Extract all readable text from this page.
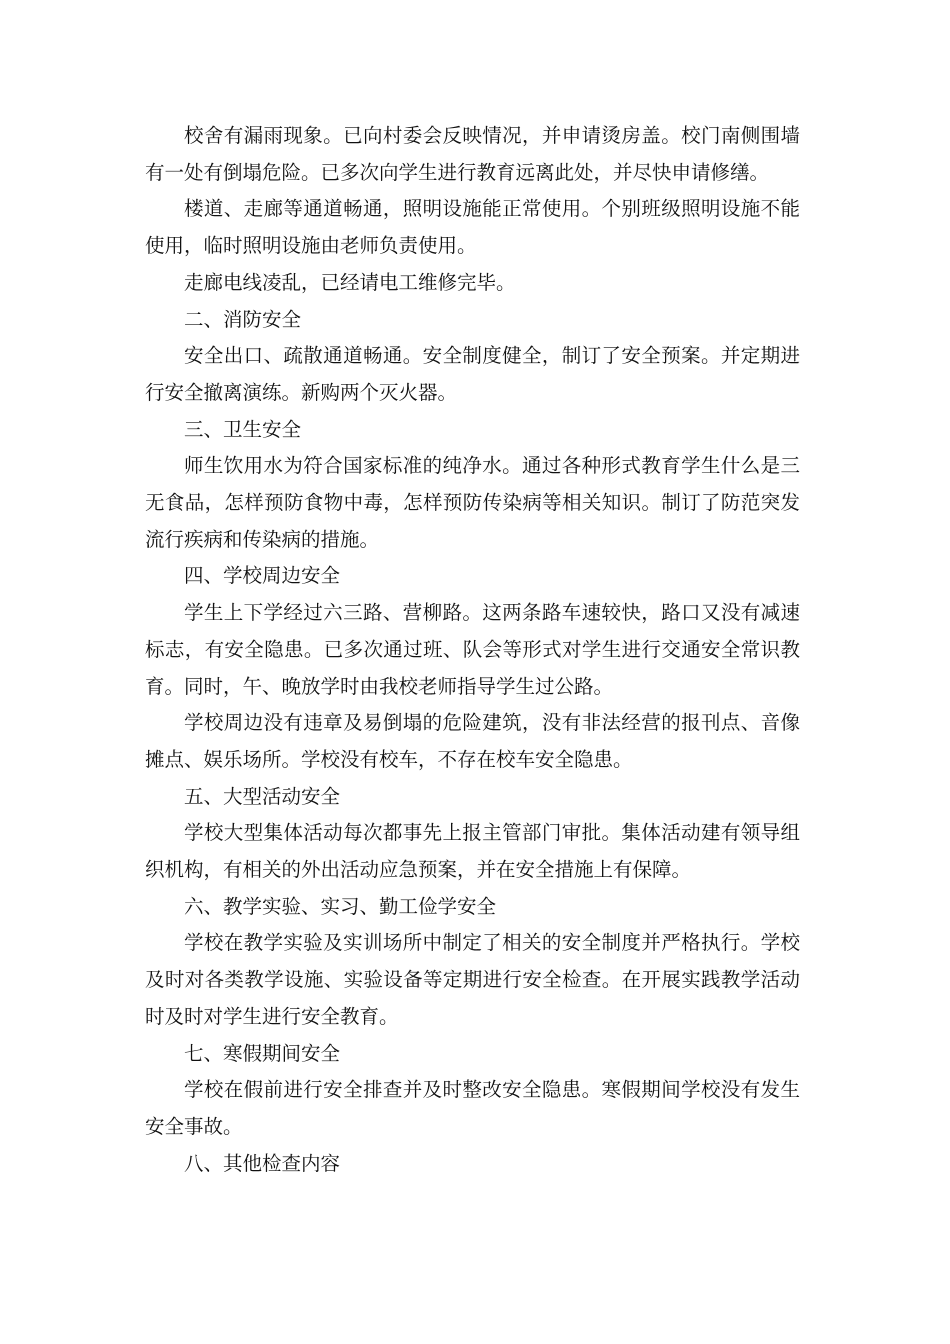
校舍有漏雨现象。已向村委会反映情况，并申请烫房盖。校门南侧围墙有一处有倒塌危险。已多次向学生进行教育远离此处，并尽快申请修缮。

楼道、走廊等通道畅通，照明设施能正常使用。个别班级照明设施不能使用，临时照明设施由老师负责使用。

走廊电线凌乱，已经请电工维修完毕。

二、消防安全

安全出口、疏散通道畅通。安全制度健全，制订了安全预案。并定期进行安全撤离演练。新购两个灭火器。

三、卫生安全

师生饮用水为符合国家标准的纯净水。通过各种形式教育学生什么是三无食品，怎样预防食物中毒，怎样预防传染病等相关知识。制订了防范突发流行疾病和传染病的措施。

四、学校周边安全

学生上下学经过六三路、营柳路。这两条路车速较快，路口又没有减速标志，有安全隐患。已多次通过班、队会等形式对学生进行交通安全常识教育。同时，午、晚放学时由我校老师指导学生过公路。

学校周边没有违章及易倒塌的危险建筑，没有非法经营的报刊点、音像摊点、娱乐场所。学校没有校车，不存在校车安全隐患。

五、大型活动安全

学校大型集体活动每次都事先上报主管部门审批。集体活动建有领导组织机构，有相关的外出活动应急预案，并在安全措施上有保障。

六、教学实验、实习、勤工俭学安全

学校在教学实验及实训场所中制定了相关的安全制度并严格执行。学校及时对各类教学设施、实验设备等定期进行安全检查。在开展实践教学活动时及时对学生进行安全教育。

七、寒假期间安全

学校在假前进行安全排查并及时整改安全隐患。寒假期间学校没有发生安全事故。

八、其他检查内容
